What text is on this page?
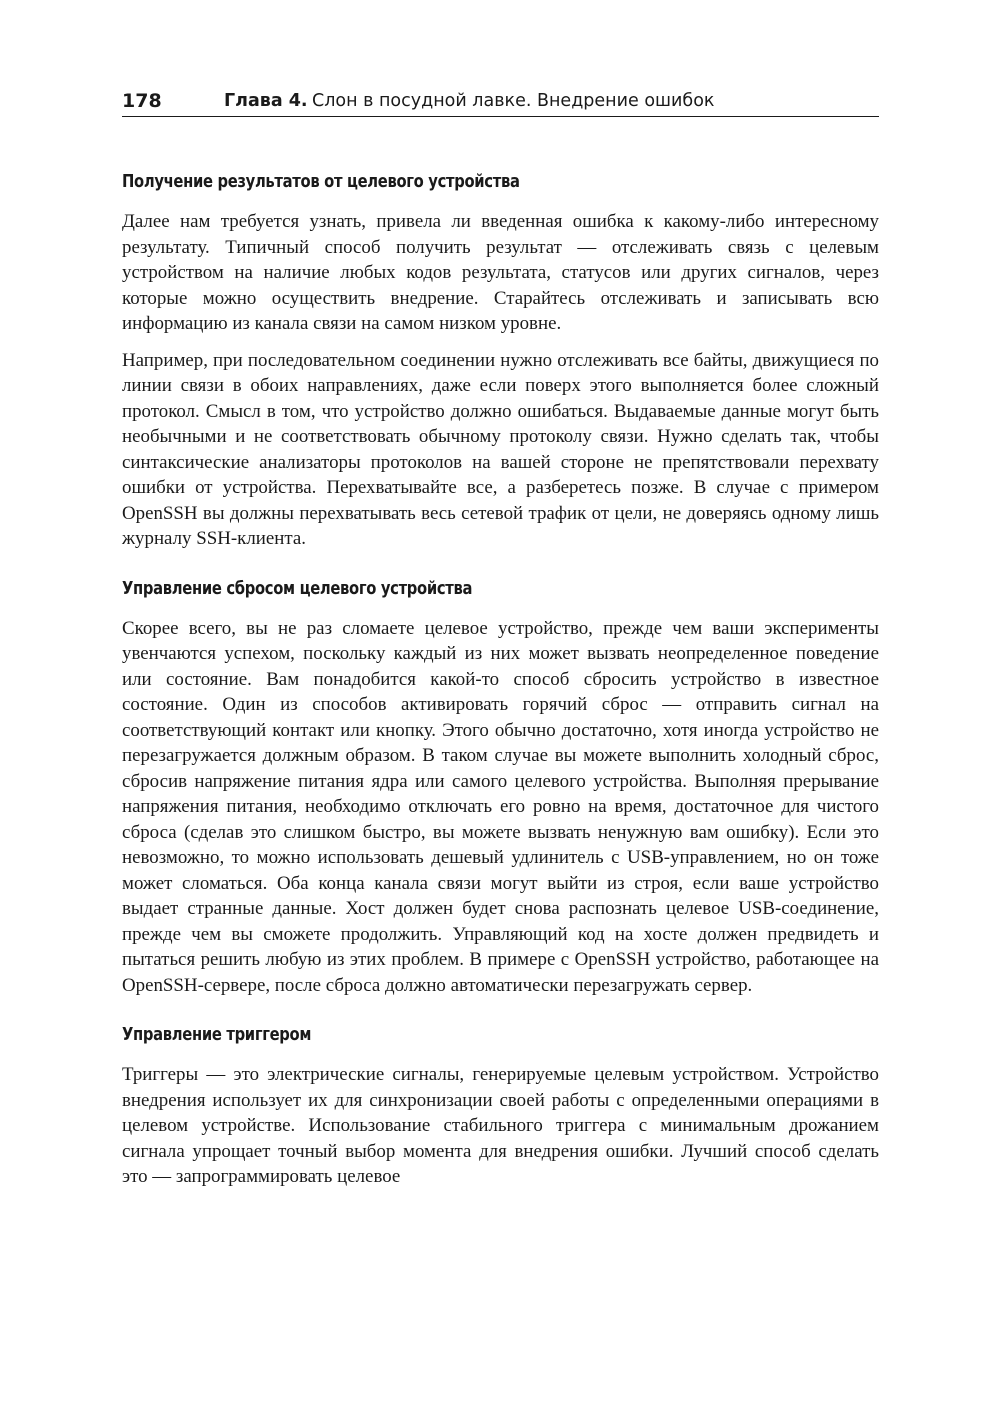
178	Глава 4. Слон в посудной лавке. Внедрение ошибок
Получение результатов от целевого устройства

Далее нам требуется узнать, привела ли введенная ошибка к какому-либо интересному результату. Типичный способ получить результат — отслеживать связь с целевым устройством на наличие любых кодов результата, статусов или других сигналов, через которые можно осуществить внедрение. Старайтесь отслеживать и записывать всю информацию из канала связи на самом низком уровне.

Например, при последовательном соединении нужно отслеживать все байты, движущиеся по линии связи в обоих направлениях, даже если поверх этого выполняется более сложный протокол. Смысл в том, что устройство должно ошибаться. Выдаваемые данные могут быть необычными и не соответствовать обычному протоколу связи. Нужно сделать так, чтобы синтаксические анализаторы протоколов на вашей стороне не препятствовали перехвату ошибки от устройства. Перехватывайте все, а разберетесь позже. В случае с примером OpenSSH вы должны перехватывать весь сетевой трафик от цели, не доверяясь одному лишь журналу SSH-клиента.

Управление сбросом целевого устройства

Скорее всего, вы не раз сломаете целевое устройство, прежде чем ваши эксперименты увенчаются успехом, поскольку каждый из них может вызвать неопределенное поведение или состояние. Вам понадобится какой-то способ сбросить устройство в известное состояние. Один из способов активировать горячий сброс — отправить сигнал на соответствующий контакт или кнопку. Этого обычно достаточно, хотя иногда устройство не перезагружается должным образом. В таком случае вы можете выполнить холодный сброс, сбросив напряжение питания ядра или самого целевого устройства. Выполняя прерывание напряжения питания, необходимо отключать его ровно на время, достаточное для чистого сброса (сделав это слишком быстро, вы можете вызвать ненужную вам ошибку). Если это невозможно, то можно использовать дешевый удлинитель с USB-управлением, но он тоже может сломаться. Оба конца канала связи могут выйти из строя, если ваше устройство выдает странные данные. Хост должен будет снова распознать целевое USB-соединение, прежде чем вы сможете продолжить. Управляющий код на хосте должен предвидеть и пытаться решить любую из этих проблем. В примере с OpenSSH устройство, работающее на OpenSSH-сервере, после сброса должно автоматически перезагружать сервер.

Управление триггером

Триггеры — это электрические сигналы, генерируемые целевым устройством. Устройство внедрения использует их для синхронизации своей работы с определенными операциями в целевом устройстве. Использование стабильного триггера с минимальным дрожанием сигнала упрощает точный выбор момента для внедрения ошибки. Лучший способ сделать это — запрограммировать целевое
